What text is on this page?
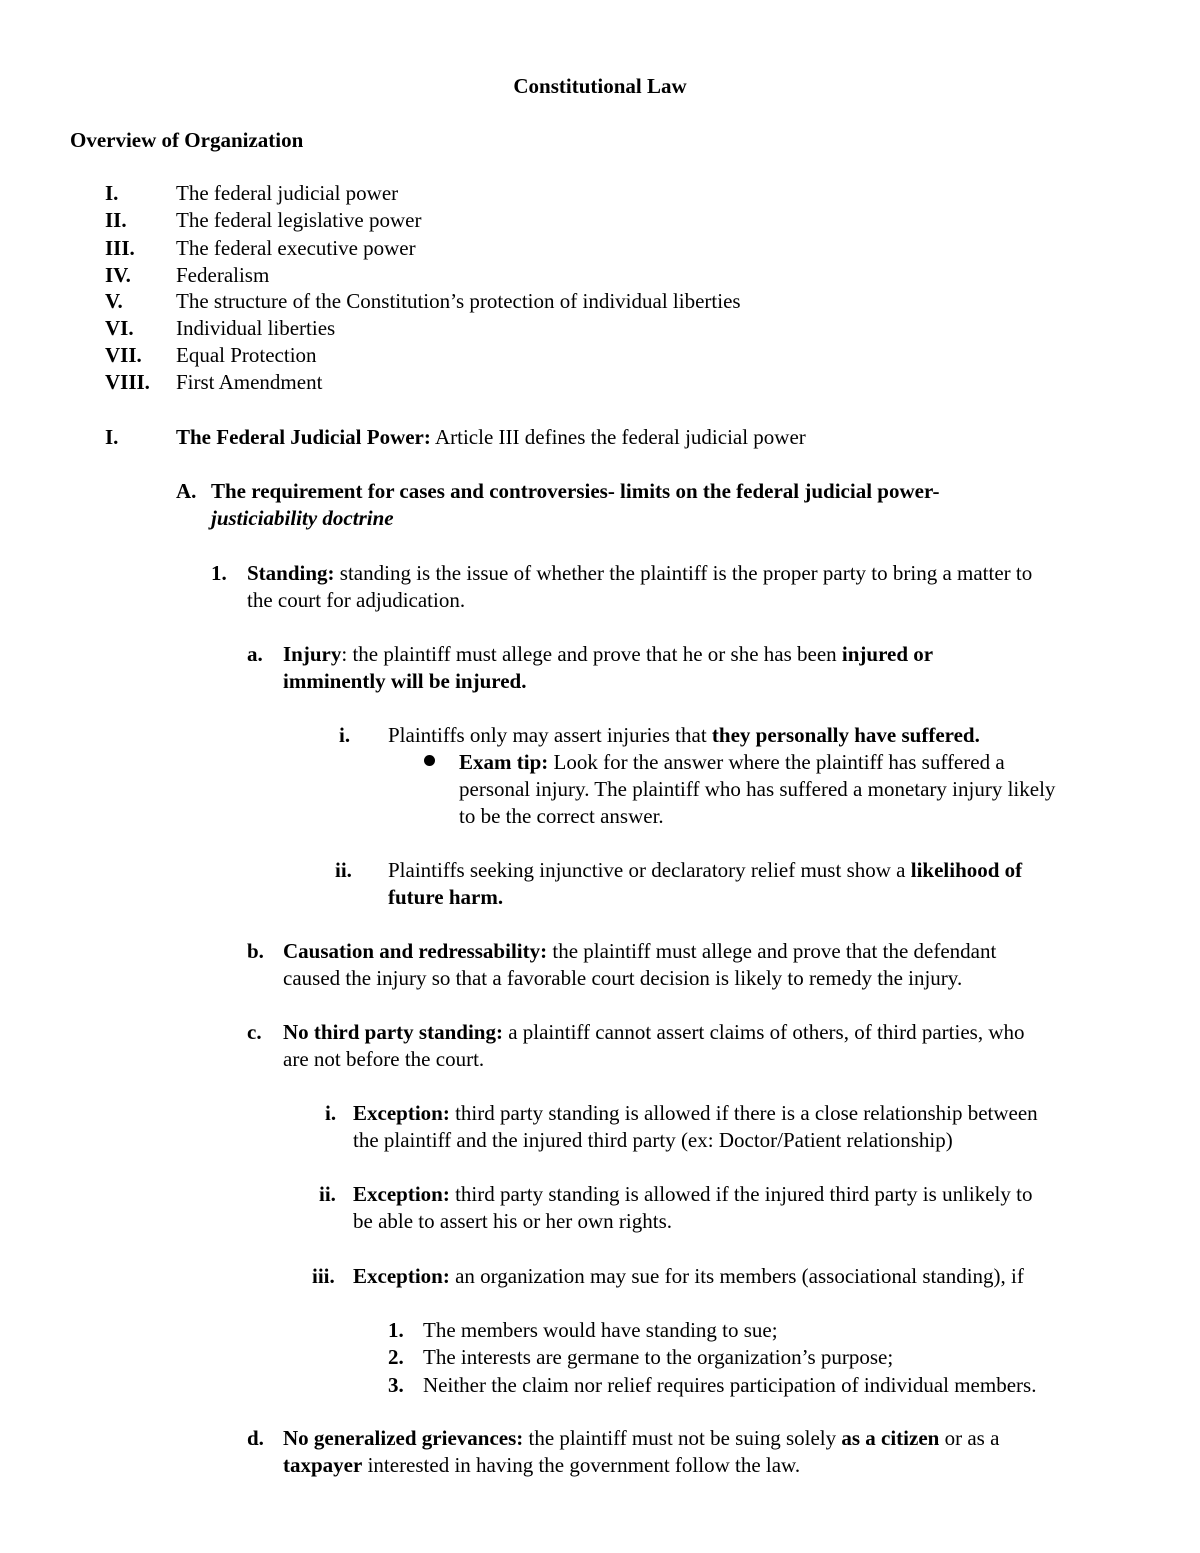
Constitutional Law
Overview of Organization
I.	The federal judicial power
II. The federal legislative power
III. The federal executive power
IV. Federalism
V.	The structure of the Constitution’s protection of individual liberties
VI. Individual liberties
VII. Equal Protection
VIII. First Amendment
I.	The Federal Judicial Power: Article III defines the federal judicial power
A. The requirement for cases and controversies- limits on the federal judicial power-

justiciability doctrine

1. Standing: standing is the issue of whether the plaintiff is the proper party to bring a matter to

the court for adjudication.

a. Injury: the plaintiff must allege and prove that he or she has been injured or

imminently will be injured.

i. Plaintiffs only may assert injuries that they personally have suffered.

Exam tip: Look for the answer where the plaintiff has suffered a

personal injury. The plaintiff who has suffered a monetary injury likely

to be the correct answer.

ii. Plaintiffs seeking injunctive or declaratory relief must show a likelihood of

future harm.

b. Causation and redressability: the plaintiff must allege and prove that the defendant

caused the injury so that a favorable court decision is likely to remedy the injury.

c. No third party standing: a plaintiff cannot assert claims of others, of third parties, who

are not before the court.

i. Exception: third party standing is allowed if there is a close relationship between

the plaintiff and the injured third party (ex: Doctor/Patient relationship)

ii. Exception: third party standing is allowed if the injured third party is unlikely to

be able to assert his or her own rights.

iii. Exception: an organization may sue for its members (associational standing), if

1. The members would have standing to sue;
2. The interests are germane to the organization’s purpose;
3. Neither the claim nor relief requires participation of individual members.
d. No generalized grievances: the plaintiff must not be suing solely as a citizen or as a

taxpayer interested in having the government follow the law.
